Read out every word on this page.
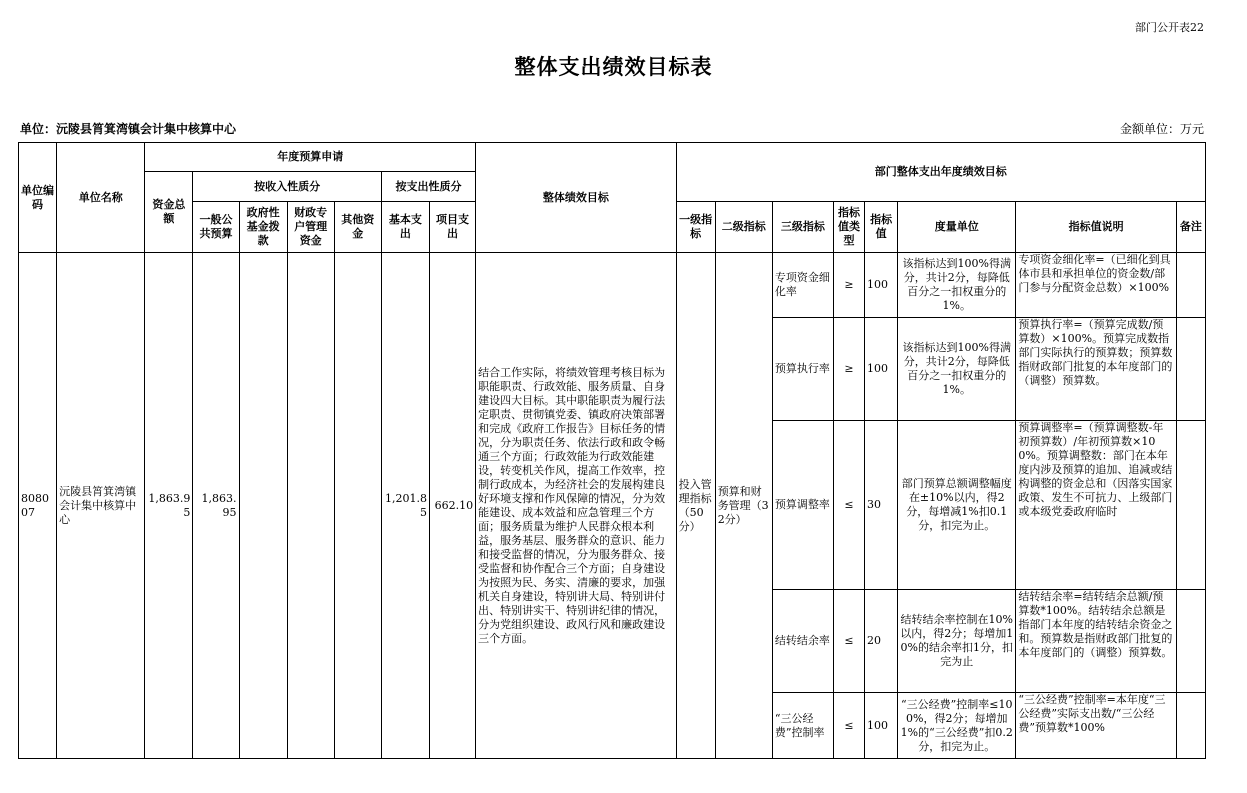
部门公开表22
整体支出绩效目标表
单位：沅陵县筲箕湾镇会计集中核算中心	金额单位：万元
单位编码	单位名称	年度预算申请							整体绩效目标	部门整体支出年度绩效目标							
		资金总额	按收入性质分				按支出性质分										
			一般公共预算	政府性基金拨款	财政专户管理资金	其他资金	基本支出	项目支出									
										一级指标	二级指标	三级指标	指标值类型	指标值	度量单位	指标值说明	备注
808007	沅陵县筲箕湾镇会计集中核算中心	1,863.95	1,863.95				1,201.85	662.10	结合工作实际，将绩效管理考核目标为职能职责、行政效能、服务质量、自身建设四大目标。其中职能职责为履行法定职责、贯彻镇党委、镇政府决策部署和完成《政府工作报告》目标任务的情况，分为职责任务、依法行政和政令畅通三个方面；行政效能为行政效能建设，转变机关作风，提高工作效率，控制行政成本，为经济社会的发展构建良好环境支撑和作风保障的情况，分为效能建设、成本效益和应急管理三个方面；服务质量为维护人民群众根本利益，服务基层、服务群众的意识、能力和接受监督的情况，分为服务群众、接受监督和协作配合三个方面；自身建设为按照为民、务实、清廉的要求，加强机关自身建设，特别讲大局、特别讲付出、特别讲实干、特别讲纪律的情况，分为党组织建设、政风行风和廉政建设三个方面。	投入管理指标（50分）	预算和财务管理（32分）	专项资金细化率	≥	100	该指标达到100%得满分，共计2分，每降低百分之一扣权重分的1%。	专项资金细化率=（已细化到具体市县和承担单位的资金数/部门参与分配资金总数）×100%	

												预算执行率	≥	100	该指标达到100%得满分，共计2分，每降低百分之一扣权重分的1%。	预算执行率=（预算完成数/预算数）×100%。预算完成数指部门实际执行的预算数；预算数指财政部门批复的本年度部门的（调整）预算数。	

												预算调整率	≤	30	部门预算总额调整幅度在±10%以内，得2分，每增减1%扣0.1分，扣完为止。	预算调整率=（预算调整数-年初预算数）/年初预算数×100%。预算调整数：部门在本年度内涉及预算的追加、追减或结构调整的资金总和（因落实国家政策、发生不可抗力、上级部门或本级党委政府临时	

												结转结余率	≤	20	结转结余率控制在10%以内，得2分；每增加10%的结余率扣1分，扣完为止	结转结余率=结转结余总额/预算数*100%。结转结余总额是指部门本年度的结转结余资金之和。预算数是指财政部门批复的本年度部门的（调整）预算数。	

												“三公经费”控制率	≤	100	“三公经费”控制率≤100%，得2分；每增加1%的“三公经费”扣0.2分，扣完为止。	“三公经费”控制率=本年度“三公经费”实际支出数/“三公经费”预算数*100%	
